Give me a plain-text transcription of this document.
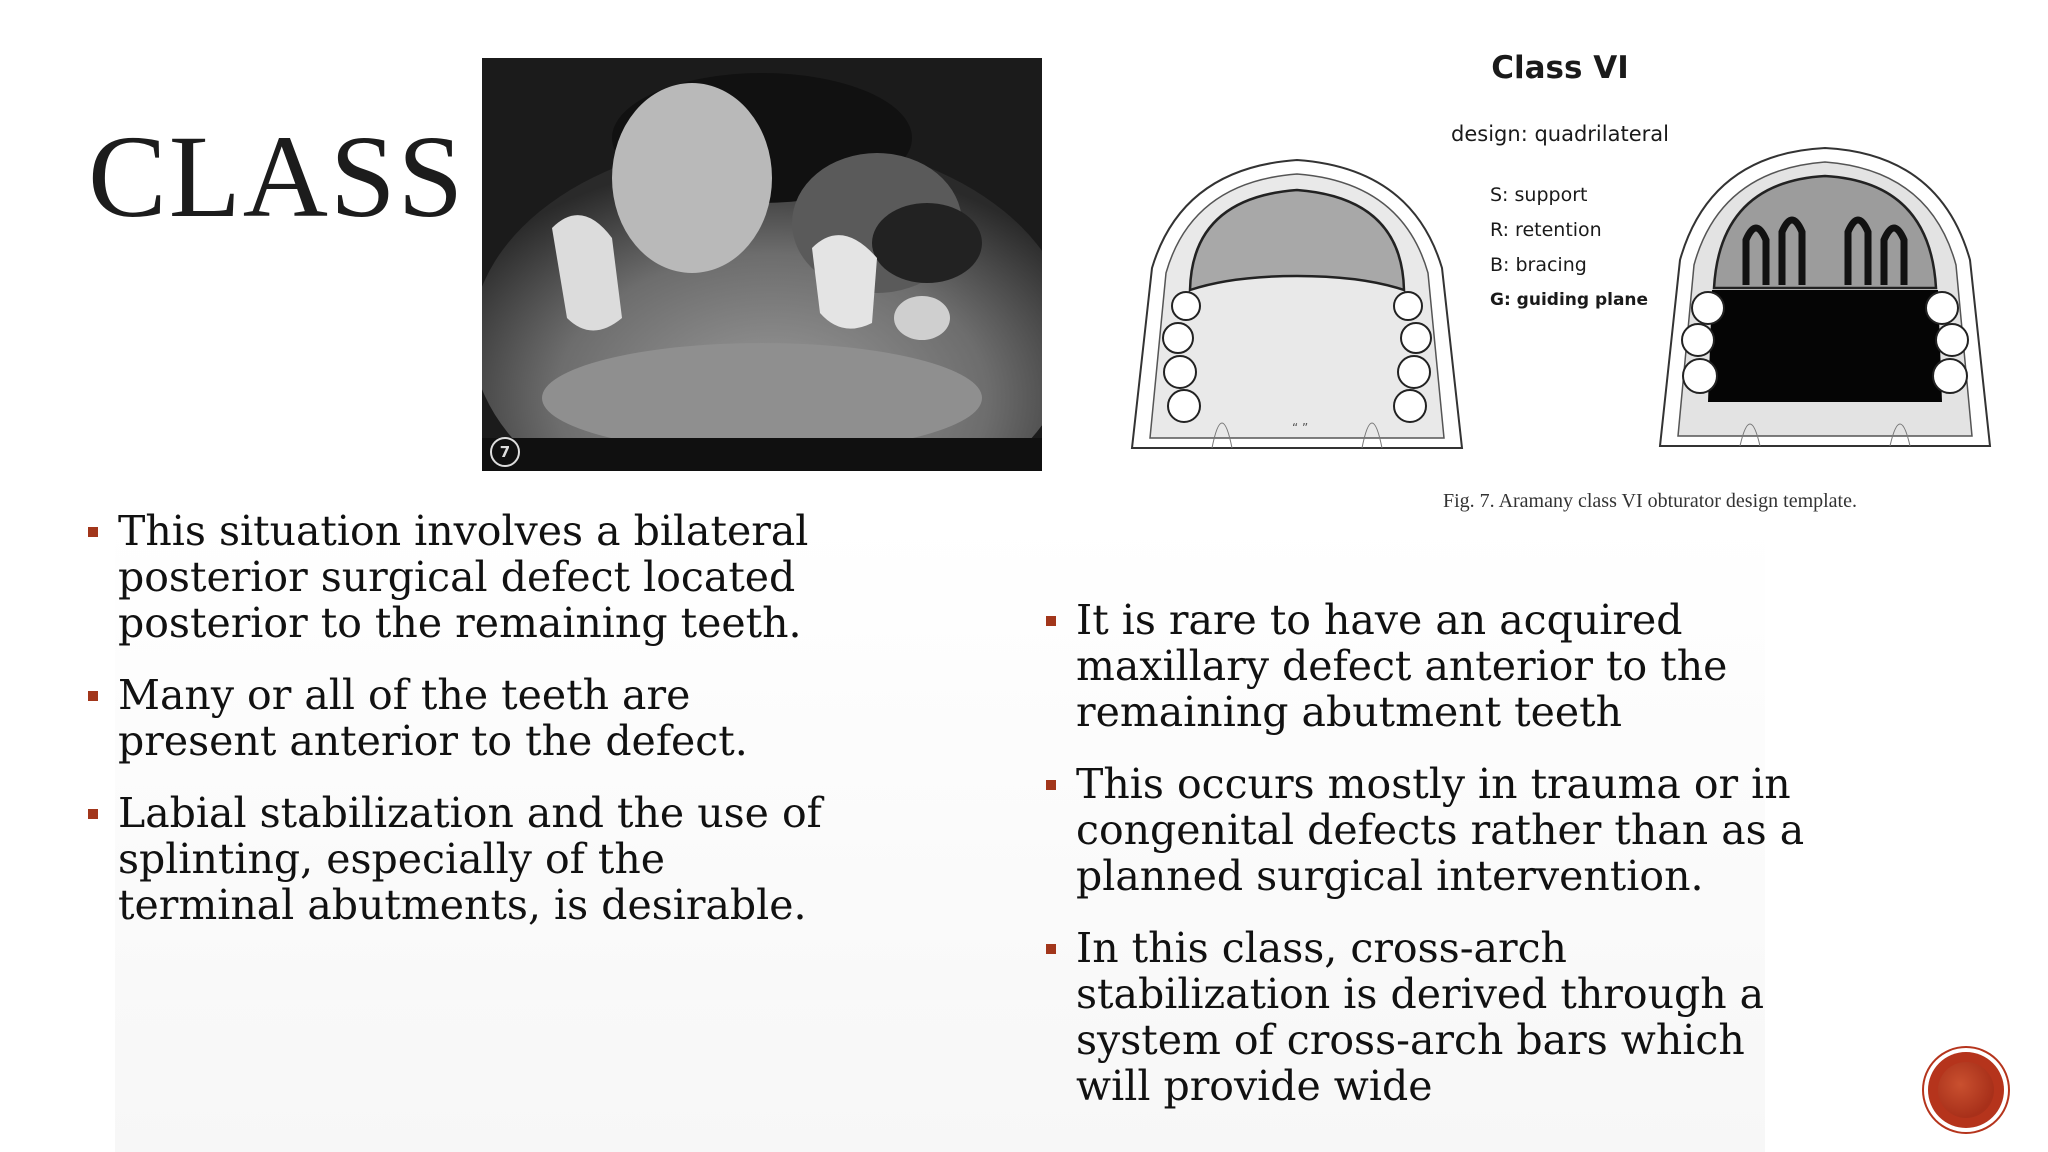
CLASS
7
Class VI
design: quadrilateral
“ ”
S: support
R: retention
B: bracing
G: guiding plane
Fig. 7. Aramany class VI obturator design template.
This situation involves a bilateral posterior surgical defect located posterior to the remaining teeth.
Many or all of the teeth are present anterior to the defect.
Labial stabilization and the use of splinting, especially of the terminal abutments, is desirable.
It is rare to have an acquired maxillary defect anterior to the remaining abutment teeth
This occurs mostly in trauma or in congenital defects rather than as a planned surgical intervention.
In this class, cross-arch stabilization is derived through a system of cross-arch bars which will provide wide
